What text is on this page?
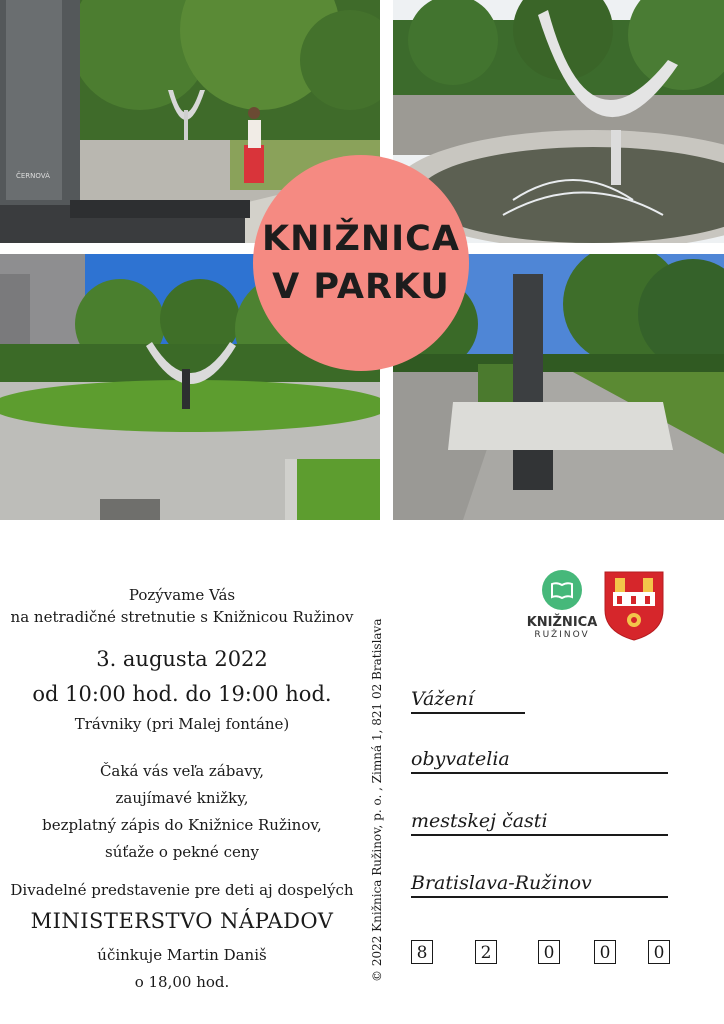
ČERNOVÁ
KNIŽNICA
V PARKU
Pozývame Vás
na netradičné stretnutie s Knižnicou Ružinov
3. augusta 2022
od 10:00 hod. do 19:00 hod.
Trávniky (pri Malej fontáne)
Čaká vás veľa zábavy,
zaujímavé knižky,
bezplatný zápis do Knižnice Ružinov,
súťaže o pekné ceny
Divadelné predstavenie pre deti aj dospelých
MINISTERSTVO NÁPADOV
účinkuje Martin Daniš
o 18,00 hod.	© 2022 Knižnica Ružinov, p. o. , Zimná 1, 821 02 Bratislava	KNIŽNICA
RUŽINOV
Vážení
obyvatelia
mestskej časti
Bratislava-Ružinov
8	2	0	0	0
